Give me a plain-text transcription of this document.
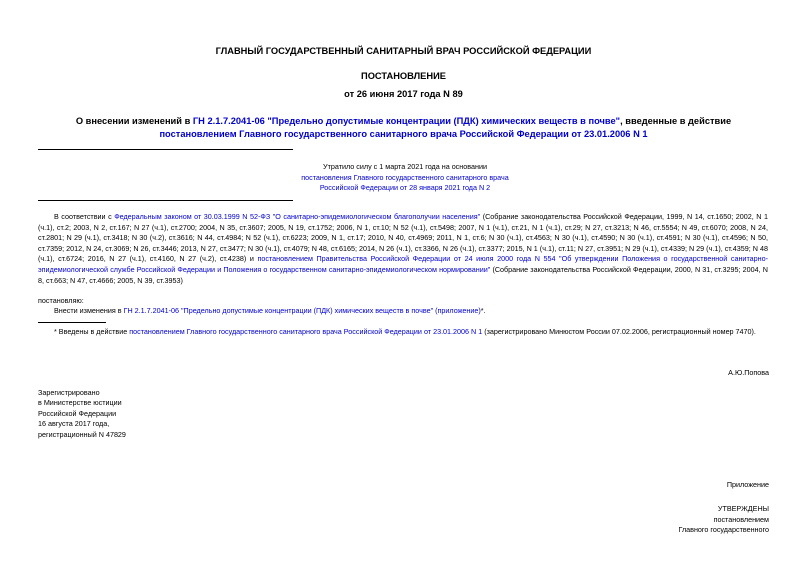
ГЛАВНЫЙ ГОСУДАРСТВЕННЫЙ САНИТАРНЫЙ ВРАЧ РОССИЙСКОЙ ФЕДЕРАЦИИ
ПОСТАНОВЛЕНИЕ
от 26 июня 2017 года N 89
О внесении изменений в ГН 2.1.7.2041-06 "Предельно допустимые концентрации (ПДК) химических веществ в почве", введенные в действие постановлением Главного государственного санитарного врача Российской Федерации от 23.01.2006 N 1
Утратило силу с 1 марта 2021 года на основании
постановления Главного государственного санитарного врача
Российской Федерации от 28 января 2021 года N 2
В соответствии с Федеральным законом от 30.03.1999 N 52-ФЗ "О санитарно-эпидемиологическом благополучии населения" (Собрание законодательства Российской Федерации, 1999, N 14, ст.1650; 2002, N 1 (ч.1), ст.2; 2003, N 2, ст.167; N 27 (ч.1), ст.2700; 2004, N 35, ст.3607; 2005, N 19, ст.1752; 2006, N 1, ст.10; N 52 (ч.1), ст.5498; 2007, N 1 (ч.1), ст.21, N 1 (ч.1), ст.29; N 27, ст.3213; N 46, ст.5554; N 49, ст.6070; 2008, N 24, ст.2801; N 29 (ч.1), ст.3418; N 30 (ч.2), ст.3616; N 44, ст.4984; N 52 (ч.1), ст.6223; 2009, N 1, ст.17; 2010, N 40, ст.4969; 2011, N 1, ст.6; N 30 (ч.1), ст.4563; N 30 (ч.1), ст.4590; N 30 (ч.1), ст.4591; N 30 (ч.1), ст.4596; N 50, ст.7359; 2012, N 24, ст.3069; N 26, ст.3446; 2013, N 27, ст.3477; N 30 (ч.1), ст.4079; N 48, ст.6165; 2014, N 26 (ч.1), ст.3366, N 26 (ч.1), ст.3377; 2015, N 1 (ч.1), ст.11; N 27, ст.3951; N 29 (ч.1), ст.4339; N 29 (ч.1), ст.4359; N 48 (ч.1), ст.6724; 2016, N 27 (ч.1), ст.4160, N 27 (ч.2), ст.4238) и постановлением Правительства Российской Федерации от 24 июля 2000 года N 554 "Об утверждении Положения о государственной санитарно-эпидемиологической службе Российской Федерации и Положения о государственном санитарно-эпидемиологическом нормировании" (Собрание законодательства Российской Федерации, 2000, N 31, ст.3295; 2004, N 8, ст.663; N 47, ст.4666; 2005, N 39, ст.3953)
постановляю:
Внести изменения в ГН 2.1.7.2041-06 "Предельно допустимые концентрации (ПДК) химических веществ в почве" (приложение)*.
* Введены в действие постановлением Главного государственного санитарного врача Российской Федерации от 23.01.2006 N 1 (зарегистрировано Минюстом России 07.02.2006, регистрационный номер 7470).
А.Ю.Попова
Зарегистрировано
в Министерстве юстиции
Российской Федерации
16 августа 2017 года,
регистрационный N 47829
Приложение
УТВЕРЖДЕНЫ
постановлением
Главного государственного
